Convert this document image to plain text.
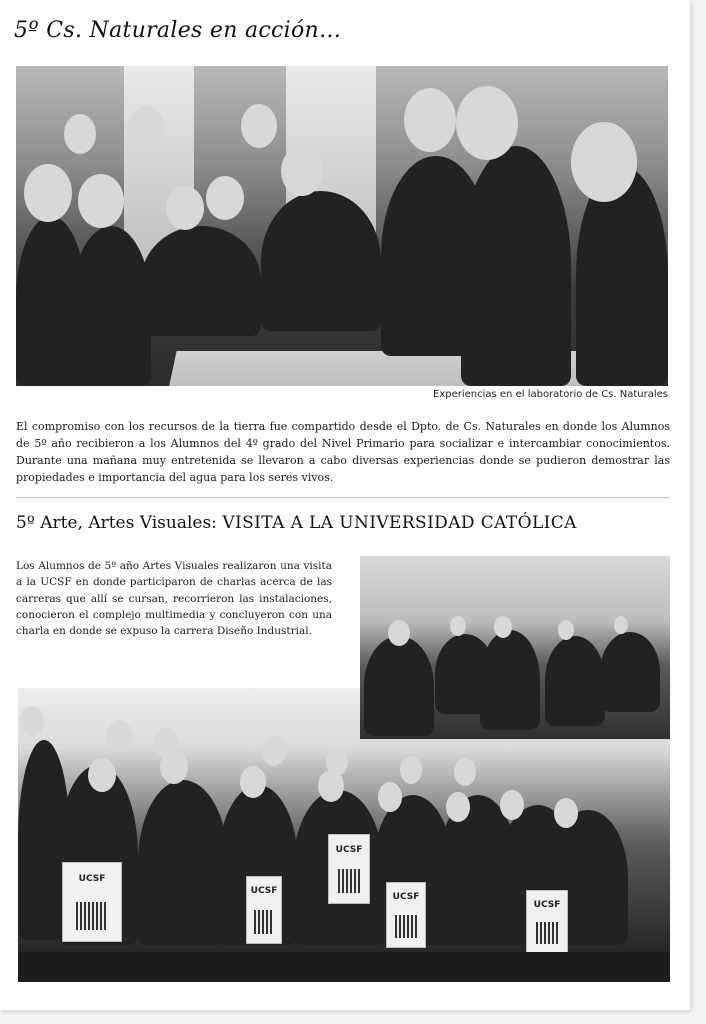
5º Cs. Naturales en acción…
Experiencias en el laboratorio de Cs. Naturales
El compromiso con los recursos de la tierra fue compartido desde el Dpto. de Cs. Naturales en donde los Alumnos de 5º año recibieron a los Alumnos del 4º grado del Nivel Primario para socializar e intercambiar conocimientos. Durante una mañana muy entretenida se llevaron a cabo diversas experiencias donde se pudieron demostrar las propiedades e importancia del agua para los seres vivos.
5º Arte, Artes Visuales: VISITA A LA UNIVERSIDAD CATÓLICA
Los Alumnos de 5º año Artes Visuales realizaron una visita a la UCSF en donde participaron de charlas acerca de las carreras que allí se cursan, recorrieron las instalaciones, conocieron el complejo multimedia y concluyeron con una charla en donde se expuso la carrera Diseño Industrial.
UCSF
UCSF
UCSF
UCSF
UCSF
